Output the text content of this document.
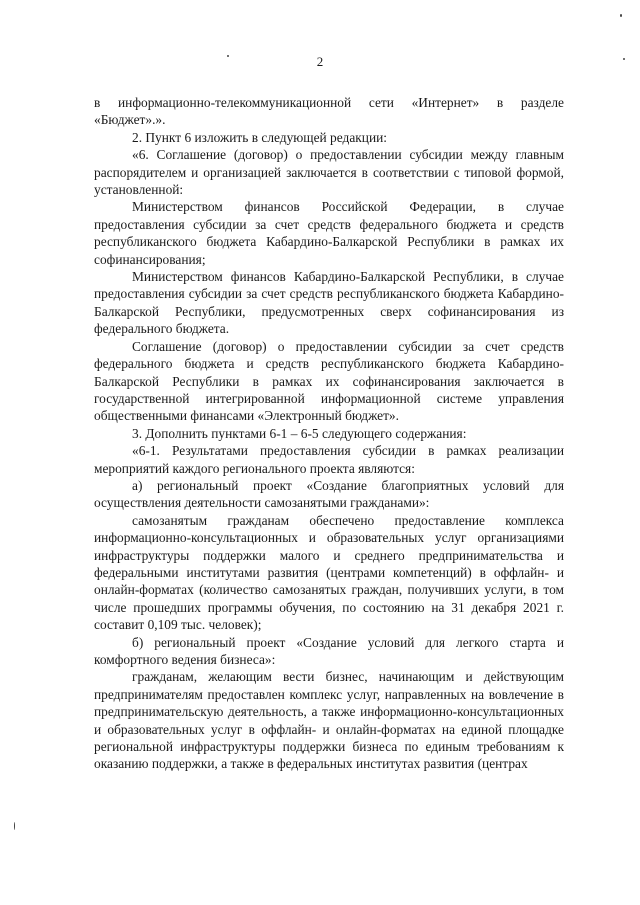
2

в информационно-телекоммуникационной сети «Интернет» в разделе «Бюджет».».

2. Пункт 6 изложить в следующей редакции:

«6. Соглашение (договор) о предоставлении субсидии между главным распорядителем и организацией заключается в соответствии с типовой формой, установленной:

Министерством финансов Российской Федерации, в случае предоставления субсидии за счет средств федерального бюджета и средств республиканского бюджета Кабардино-Балкарской Республики в рамках их софинансирования;

Министерством финансов Кабардино-Балкарской Республики, в случае предоставления субсидии за счет средств республиканского бюджета Кабардино-Балкарской Республики, предусмотренных сверх софинансирования из федерального бюджета.

Соглашение (договор) о предоставлении субсидии за счет средств федерального бюджета и средств республиканского бюджета Кабардино-Балкарской Республики в рамках их софинансирования заключается в государственной интегрированной информационной системе управления общественными финансами «Электронный бюджет».

3. Дополнить пунктами 6-1 – 6-5 следующего содержания:

«6-1. Результатами предоставления субсидии в рамках реализации мероприятий каждого регионального проекта являются:

а) региональный проект «Создание благоприятных условий для осуществления деятельности самозанятыми гражданами»:

самозанятым гражданам обеспечено предоставление комплекса информационно-консультационных и образовательных услуг организациями инфраструктуры поддержки малого и среднего предпринимательства и федеральными институтами развития (центрами компетенций) в оффлайн- и онлайн-форматах (количество самозанятых граждан, получивших услуги, в том числе прошедших программы обучения, по состоянию на 31 декабря 2021 г. составит 0,109 тыс. человек);

б) региональный проект «Создание условий для легкого старта и комфортного ведения бизнеса»:

гражданам, желающим вести бизнес, начинающим и действующим предпринимателям предоставлен комплекс услуг, направленных на вовлечение в предпринимательскую деятельность, а также информационно-консультационных и образовательных услуг в оффлайн- и онлайн-форматах на единой площадке региональной инфраструктуры поддержки бизнеса по единым требованиям к оказанию поддержки, а также в федеральных институтах развития (центрах
